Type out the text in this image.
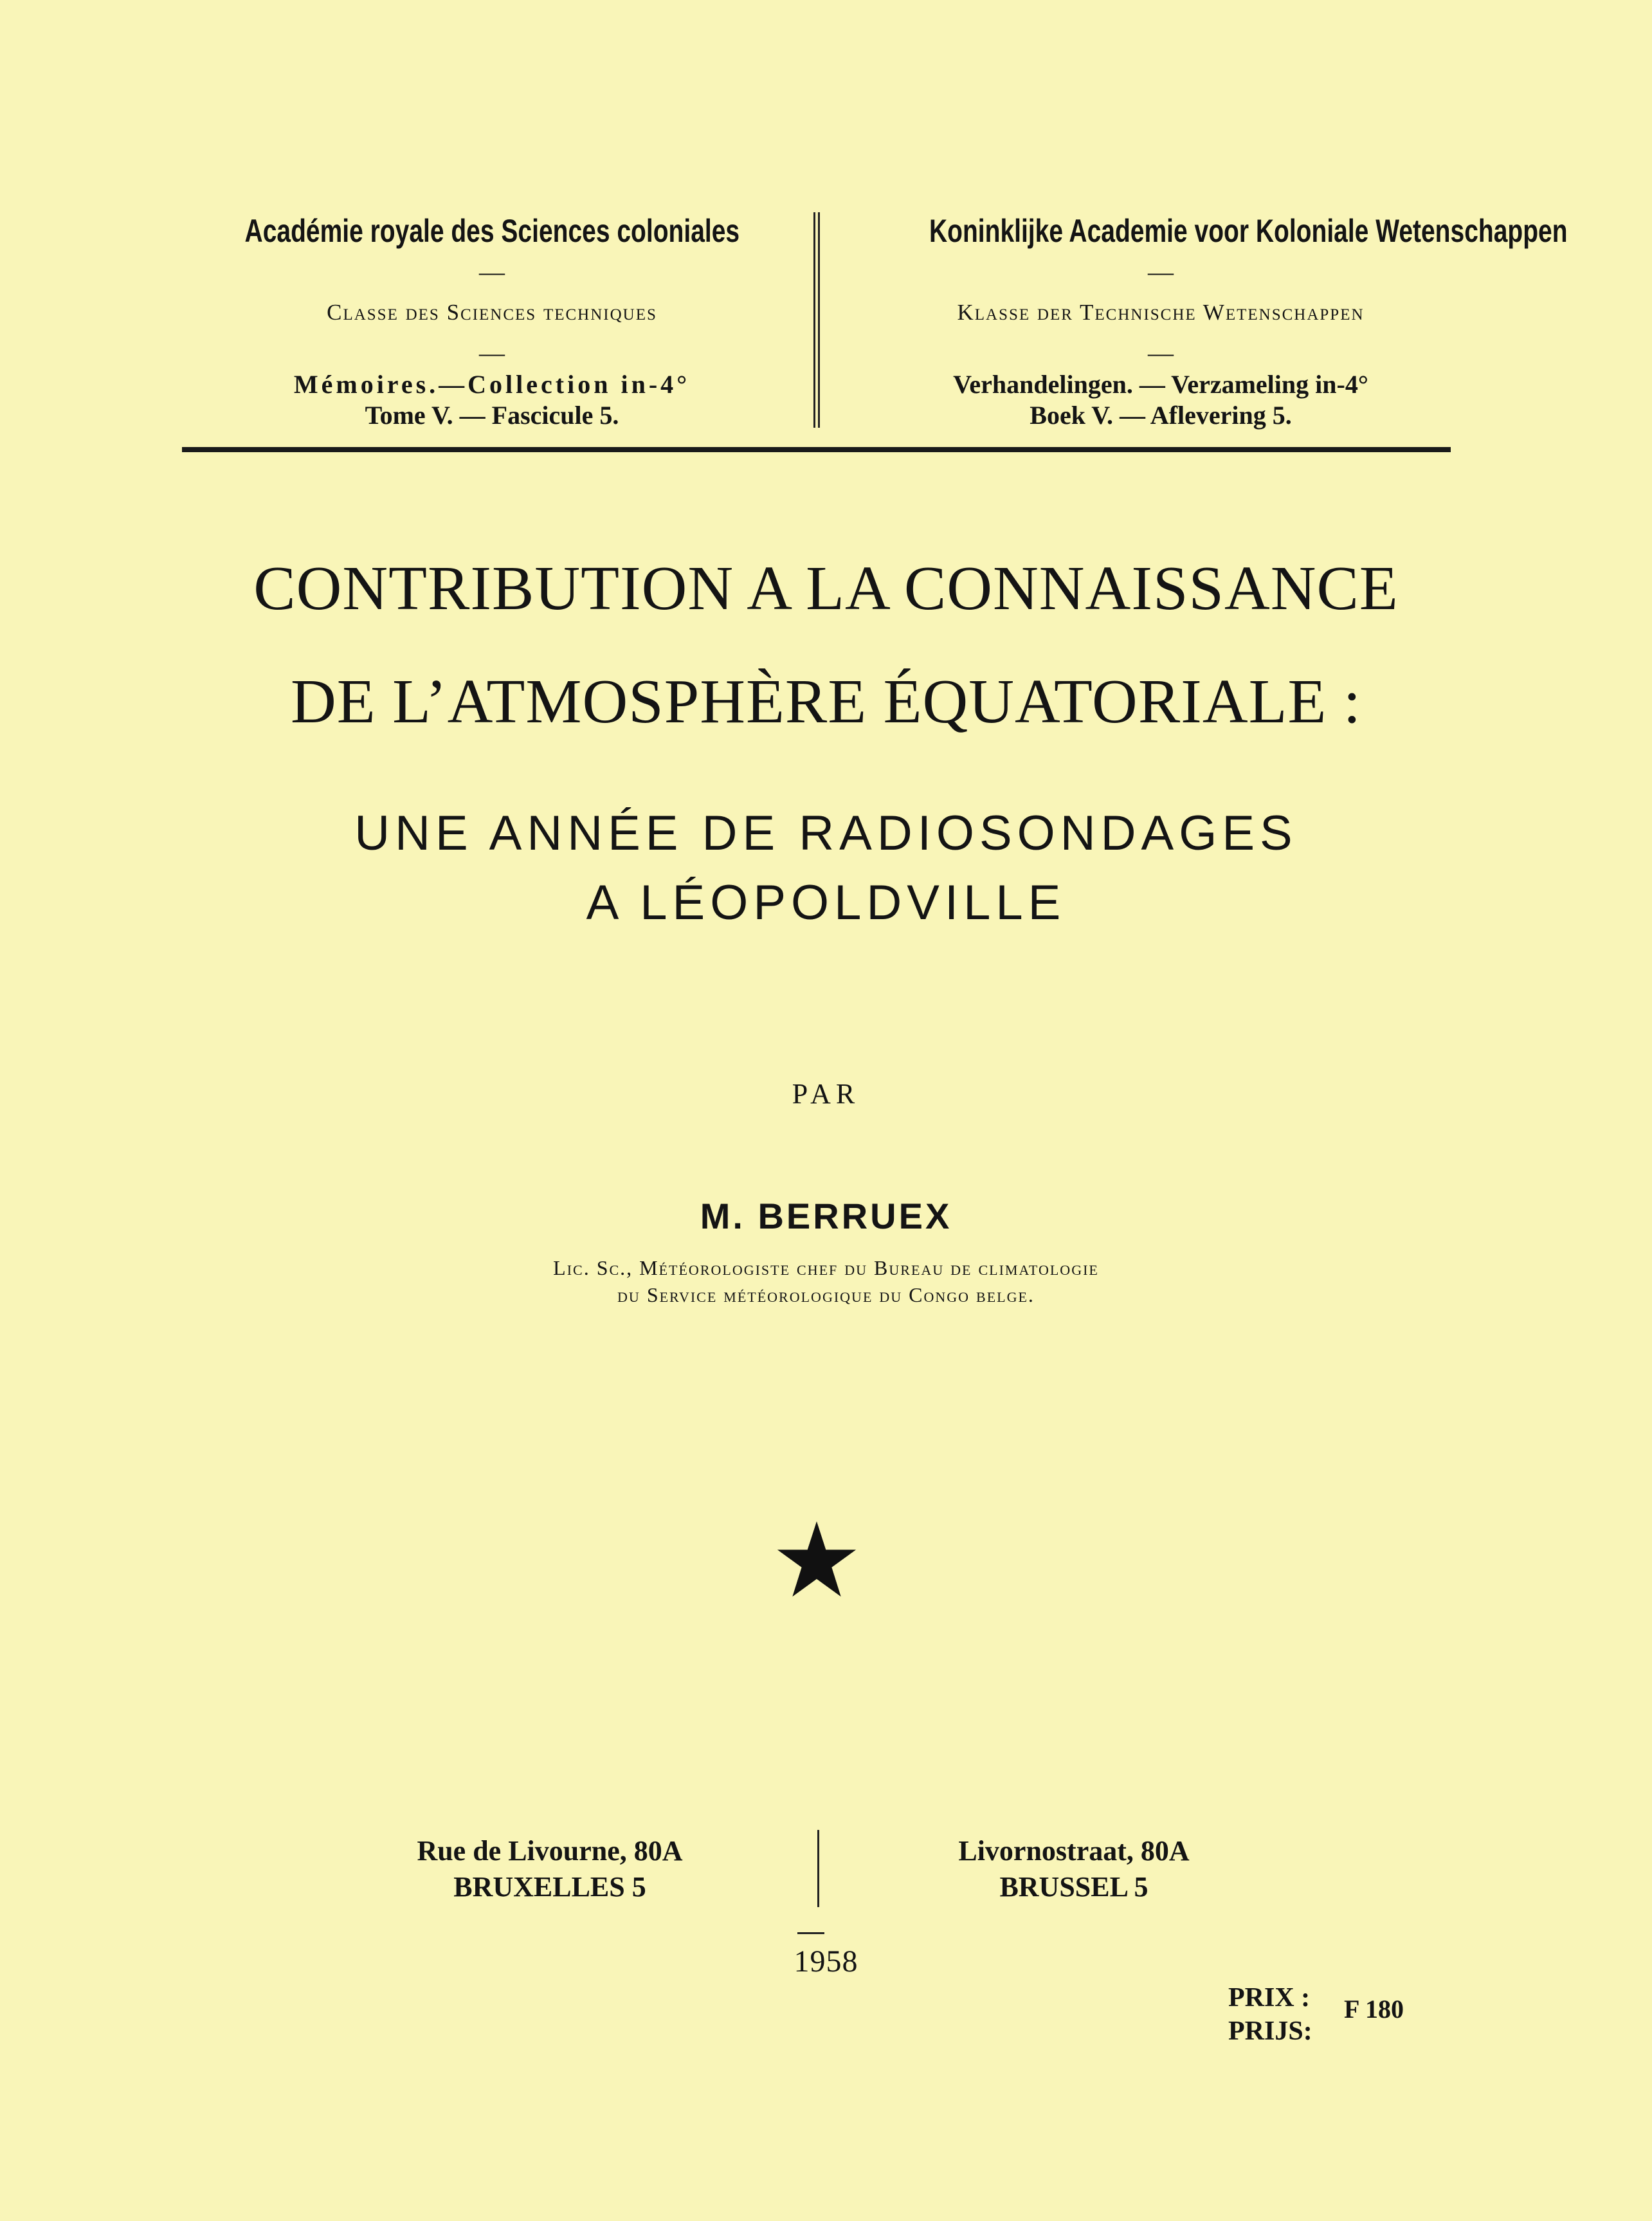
Académie royale des Sciences coloniales
—
Classe des Sciences techniques
—
Mémoires.—Collection in-4°
Tome V. — Fascicule 5.
Koninklijke Academie voor Koloniale Wetenschappen
—
Klasse der Technische Wetenschappen
—
Verhandelingen. — Verzameling in-4°
Boek V. — Aflevering 5.
CONTRIBUTION A LA CONNAISSANCE
DE L’ATMOSPHÈRE ÉQUATORIALE :
UNE ANNÉE DE RADIOSONDAGES
A LÉOPOLDVILLE
PAR
M. BERRUEX
Lic. Sc., Météorologiste chef du Bureau de climatologie
du Service météorologique du Congo belge.
Rue de Livourne, 80A
BRUXELLES 5
Livornostraat, 80A
BRUSSEL 5
1958
PRIX :
PRIJS:
F 180
